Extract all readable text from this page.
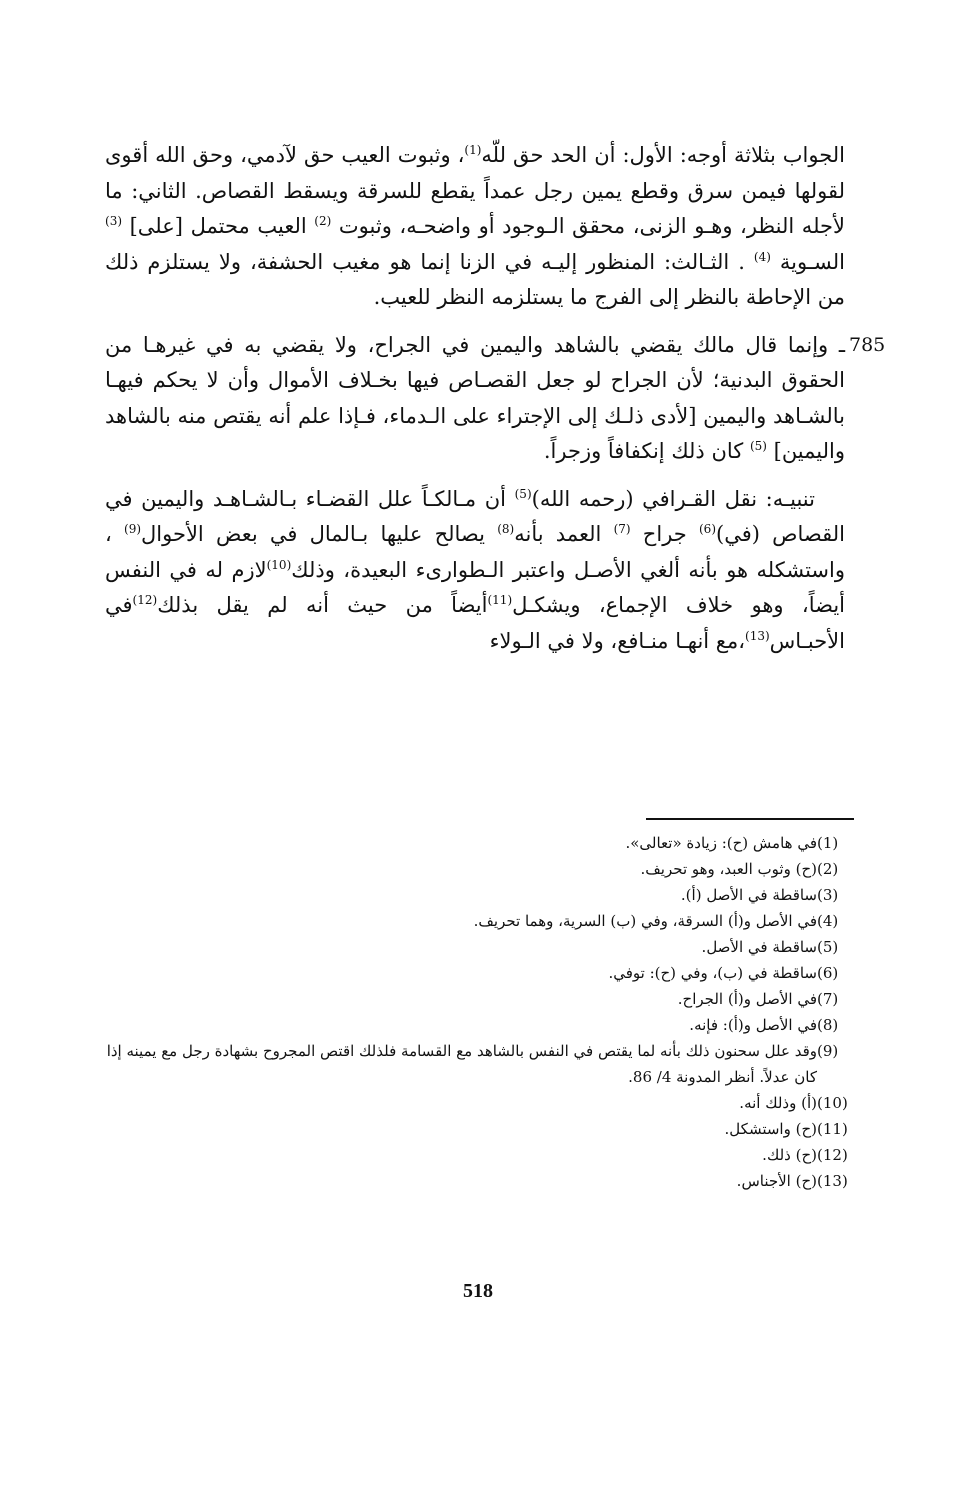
الجواب بثلاثة أوجه: الأول: أن الحد حق للّه$^{(1)}$، وثبوت العيب حق لآدمي، وحق الله أقوى لقولها فيمن سرق وقطع يمين رجل عمداً يقطع للسرقة ويسقط القصاص. الثاني: ما لأجله النظر، وهـو الزنى، محقق الـوجود أو واضحـه، وثبوت $^{(2)}$ العيب محتمل [على] $^{(3)}$ السـوية $^{(4)}$ . الثـالث: المنظور إليـه في الزنا إنما هو مغيب الحشفة، ولا يستلزم ذلك من الإحاطة بالنظر إلى الفرج ما يستلزمه النظر للعيب.

785
ـ وإنما قال مالك يقضي بالشاهد واليمين في الجراح، ولا يقضي به في غيرهـا من الحقوق البدنية؛ لأن الجراح لو جعل القصـاص فيها بخـلاف الأموال وأن لا يحكم فيهـا بالشـاهد واليمين [لأدى ذلـك إلى الإجتراء على الـدماء، فـإذا علم أنه يقتص منه بالشاهد واليمين] $^{(5)}$ كان ذلك إنكفافاً وزجراً.

تنبيـه: نقل القـرافي (رحمه الله)$^{(5)}$ أن مـالكـاً علل القضـاء بـالشـاهـد واليمين في القصاص (في)$^{(6)}$ جراح $^{(7)}$ العمد بأنه$^{(8)}$ يصالح عليها بـالمال في بعض الأحوال$^{(9)}$ ، واستشكله هو بأنه ألغي الأصـل واعتبر الـطوارىء البعيدة، وذلك$^{(10)}$لازم له في النفس أيضاً، وهو خلاف الإجماع، ويشكـل$^{(11)}$أيضاً من حيث أنه لم يقل بذلك$^{(12)}$في الأحبـاس$^{(13)}$،مع أنهـا منـافع، ولا في الـولاء

(1)
في هامش (ح): زيادة «تعالى».
(2)
(ح) وثوب العبد، وهو تحريف.
(3)
ساقطة في الأصل (أ).
(4)
في الأصل و(أ) السرقة، وفي (ب) السرية، وهما تحريف.
(5)
ساقطة في الأصل.
(6)
ساقطة في (ب)، وفي (ح): توفي.
(7)
في الأصل و(أ) الجراح.
(8)
في الأصل و(أ): فإنه.
(9)
وقد علل سحنون ذلك بأنه لما يقتص في النفس بالشاهد مع القسامة فلذلك اقتص المجروح بشهادة رجل مع يمينه إذا كان عدلاً. أنظر المدونة 4/ 86.
(10)
(أ) وذلك أنه.
(11)
(ح) واستشكل.
(12)
(ح) ذلك.
(13)
(ح) الأجناس.
518
